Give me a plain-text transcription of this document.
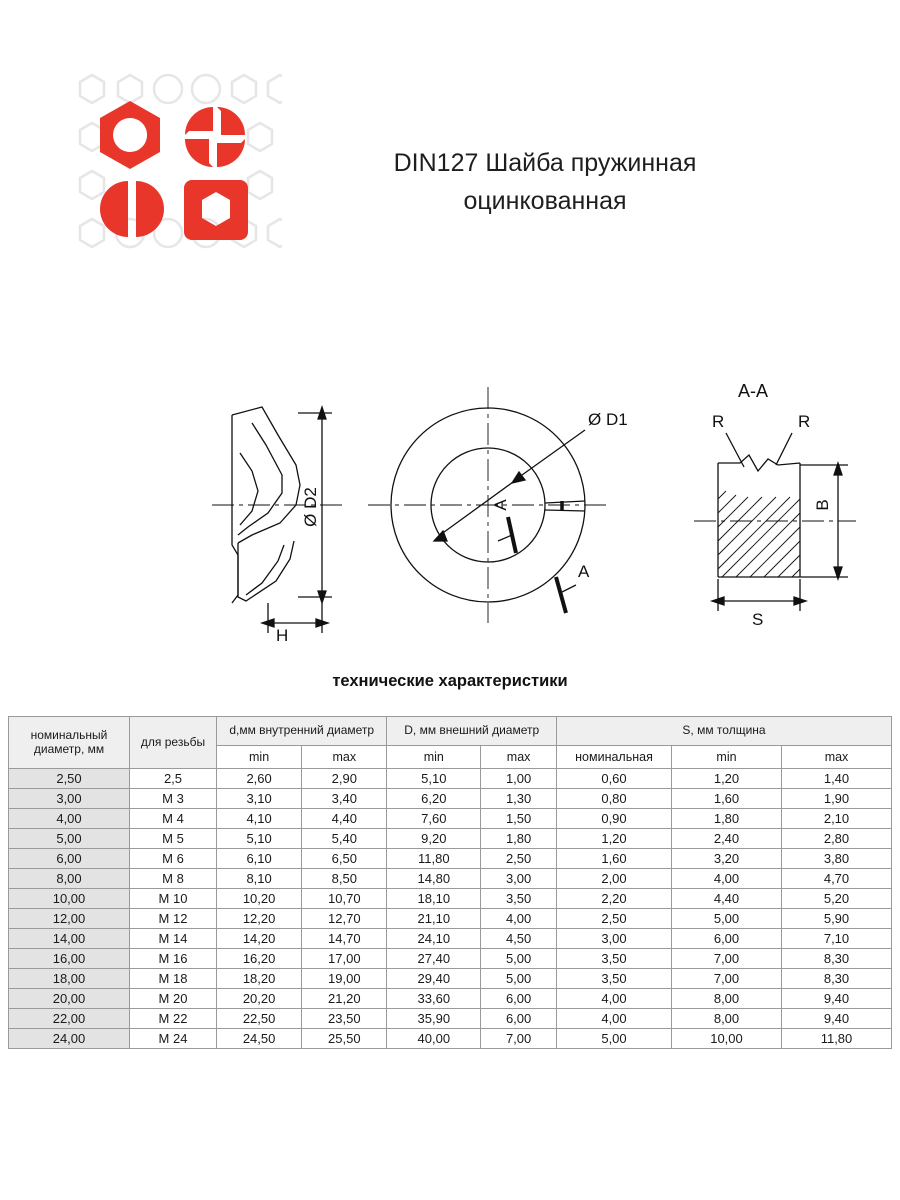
DIN127 Шайба пружинная
оцинкованная
Ø D1
Ø D2
H
A-A
R	R
B
S
A
A
технические характеристики
номинальный диаметр, мм	для резьбы	d,мм внутренний диаметр		D, мм внешний диаметр		S, мм толщина		
		min	max	min	max	номинальная	min	max
2,50	2,5	2,60	2,90	5,10	1,00	0,60	1,20	1,40
3,00	М 3	3,10	3,40	6,20	1,30	0,80	1,60	1,90
4,00	М 4	4,10	4,40	7,60	1,50	0,90	1,80	2,10
5,00	М 5	5,10	5,40	9,20	1,80	1,20	2,40	2,80
6,00	М 6	6,10	6,50	11,80	2,50	1,60	3,20	3,80
8,00	М 8	8,10	8,50	14,80	3,00	2,00	4,00	4,70
10,00	М 10	10,20	10,70	18,10	3,50	2,20	4,40	5,20
12,00	М 12	12,20	12,70	21,10	4,00	2,50	5,00	5,90
14,00	М 14	14,20	14,70	24,10	4,50	3,00	6,00	7,10
16,00	М 16	16,20	17,00	27,40	5,00	3,50	7,00	8,30
18,00	М 18	18,20	19,00	29,40	5,00	3,50	7,00	8,30
20,00	М 20	20,20	21,20	33,60	6,00	4,00	8,00	9,40
22,00	М 22	22,50	23,50	35,90	6,00	4,00	8,00	9,40
24,00	М 24	24,50	25,50	40,00	7,00	5,00	10,00	11,80
